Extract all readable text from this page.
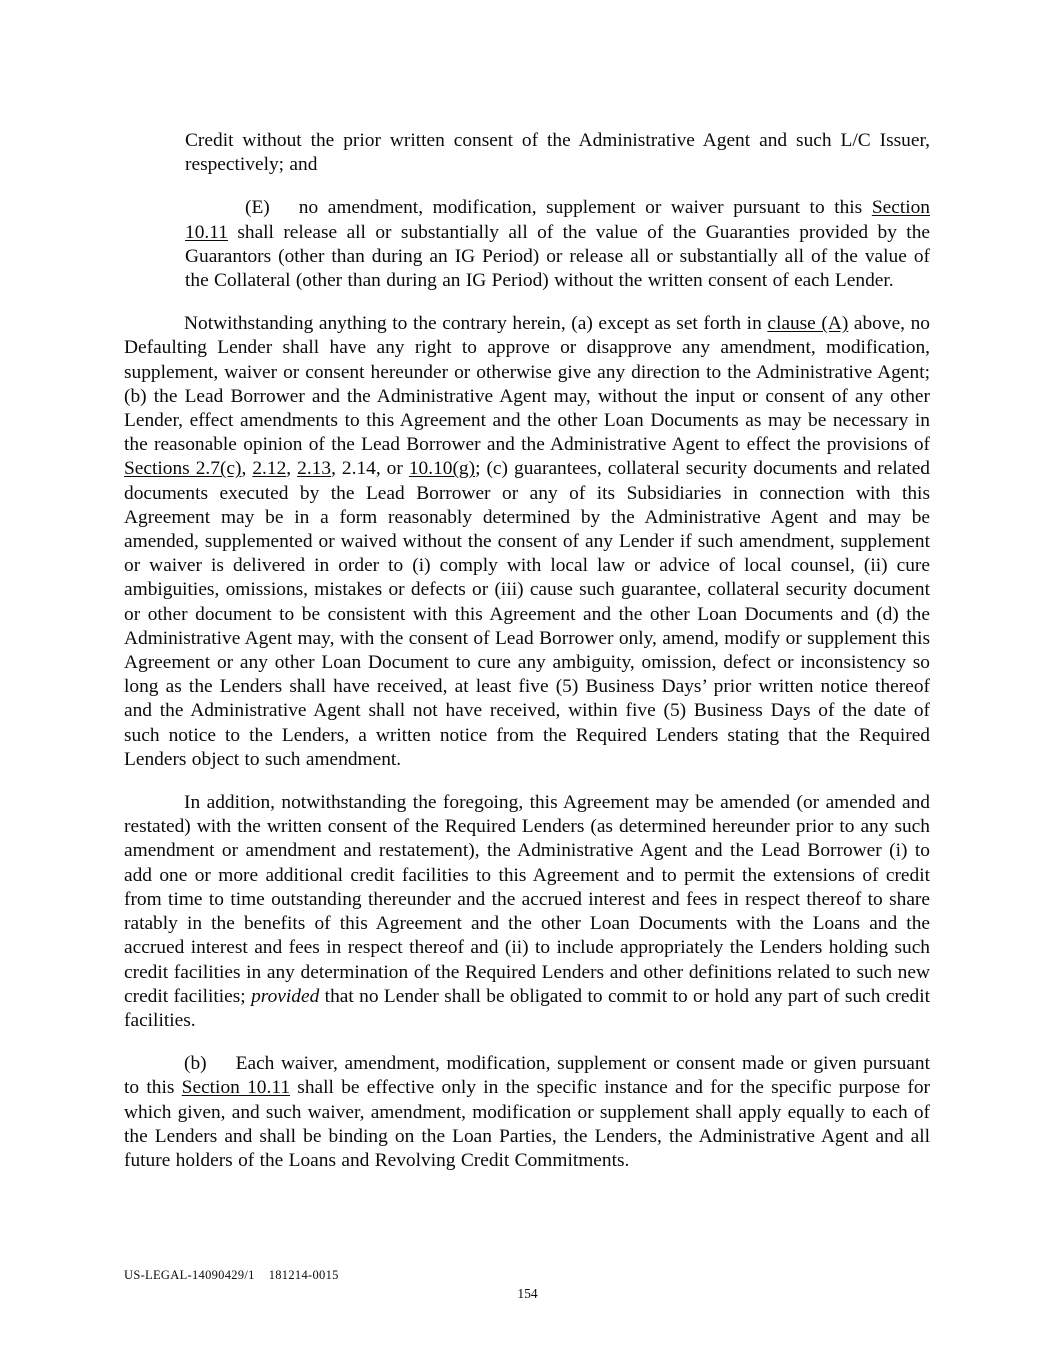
Credit without the prior written consent of the Administrative Agent and such L/C Issuer, respectively; and

(E) no amendment, modification, supplement or waiver pursuant to this Section 10.11 shall release all or substantially all of the value of the Guaranties provided by the Guarantors (other than during an IG Period) or release all or substantially all of the value of the Collateral (other than during an IG Period) without the written consent of each Lender.

Notwithstanding anything to the contrary herein, (a) except as set forth in clause (A) above, no Defaulting Lender shall have any right to approve or disapprove any amendment, modification, supplement, waiver or consent hereunder or otherwise give any direction to the Administrative Agent; (b) the Lead Borrower and the Administrative Agent may, without the input or consent of any other Lender, effect amendments to this Agreement and the other Loan Documents as may be necessary in the reasonable opinion of the Lead Borrower and the Administrative Agent to effect the provisions of Sections 2.7(c), 2.12, 2.13, 2.14, or 10.10(g); (c) guarantees, collateral security documents and related documents executed by the Lead Borrower or any of its Subsidiaries in connection with this Agreement may be in a form reasonably determined by the Administrative Agent and may be amended, supplemented or waived without the consent of any Lender if such amendment, supplement or waiver is delivered in order to (i) comply with local law or advice of local counsel, (ii) cure ambiguities, omissions, mistakes or defects or (iii) cause such guarantee, collateral security document or other document to be consistent with this Agreement and the other Loan Documents and (d) the Administrative Agent may, with the consent of Lead Borrower only, amend, modify or supplement this Agreement or any other Loan Document to cure any ambiguity, omission, defect or inconsistency so long as the Lenders shall have received, at least five (5) Business Days’ prior written notice thereof and the Administrative Agent shall not have received, within five (5) Business Days of the date of such notice to the Lenders, a written notice from the Required Lenders stating that the Required Lenders object to such amendment.

In addition, notwithstanding the foregoing, this Agreement may be amended (or amended and restated) with the written consent of the Required Lenders (as determined hereunder prior to any such amendment or amendment and restatement), the Administrative Agent and the Lead Borrower (i) to add one or more additional credit facilities to this Agreement and to permit the extensions of credit from time to time outstanding thereunder and the accrued interest and fees in respect thereof to share ratably in the benefits of this Agreement and the other Loan Documents with the Loans and the accrued interest and fees in respect thereof and (ii) to include appropriately the Lenders holding such credit facilities in any determination of the Required Lenders and other definitions related to such new credit facilities; provided that no Lender shall be obligated to commit to or hold any part of such credit facilities.

(b) Each waiver, amendment, modification, supplement or consent made or given pursuant to this Section 10.11 shall be effective only in the specific instance and for the specific purpose for which given, and such waiver, amendment, modification or supplement shall apply equally to each of the Lenders and shall be binding on the Loan Parties, the Lenders, the Administrative Agent and all future holders of the Loans and Revolving Credit Commitments.

US-LEGAL-14090429/1 181214-0015
154
